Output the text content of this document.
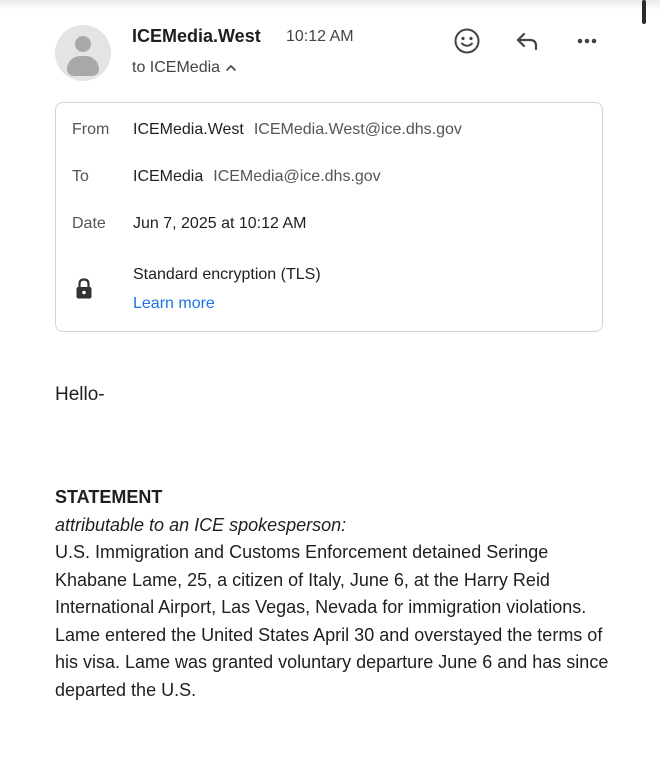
ICEMedia.West 10:12 AM
to ICEMedia
From ICEMedia.West ICEMedia.West@ice.dhs.gov
To	ICEMedia ICEMedia@ice.dhs.gov
Date Jun 7, 2025 at 10:12 AM
Standard encryption (TLS)
Learn more
Hello-
STATEMENT
attributable to an ICE spokesperson:

U.S. Immigration and Customs Enforcement detained Seringe Khabane Lame, 25, a citizen of Italy, June 6, at the Harry Reid International Airport, Las Vegas, Nevada for immigration violations. Lame entered the United States April 30 and overstayed the terms of his visa. Lame was granted voluntary departure June 6 and has since departed the U.S.
